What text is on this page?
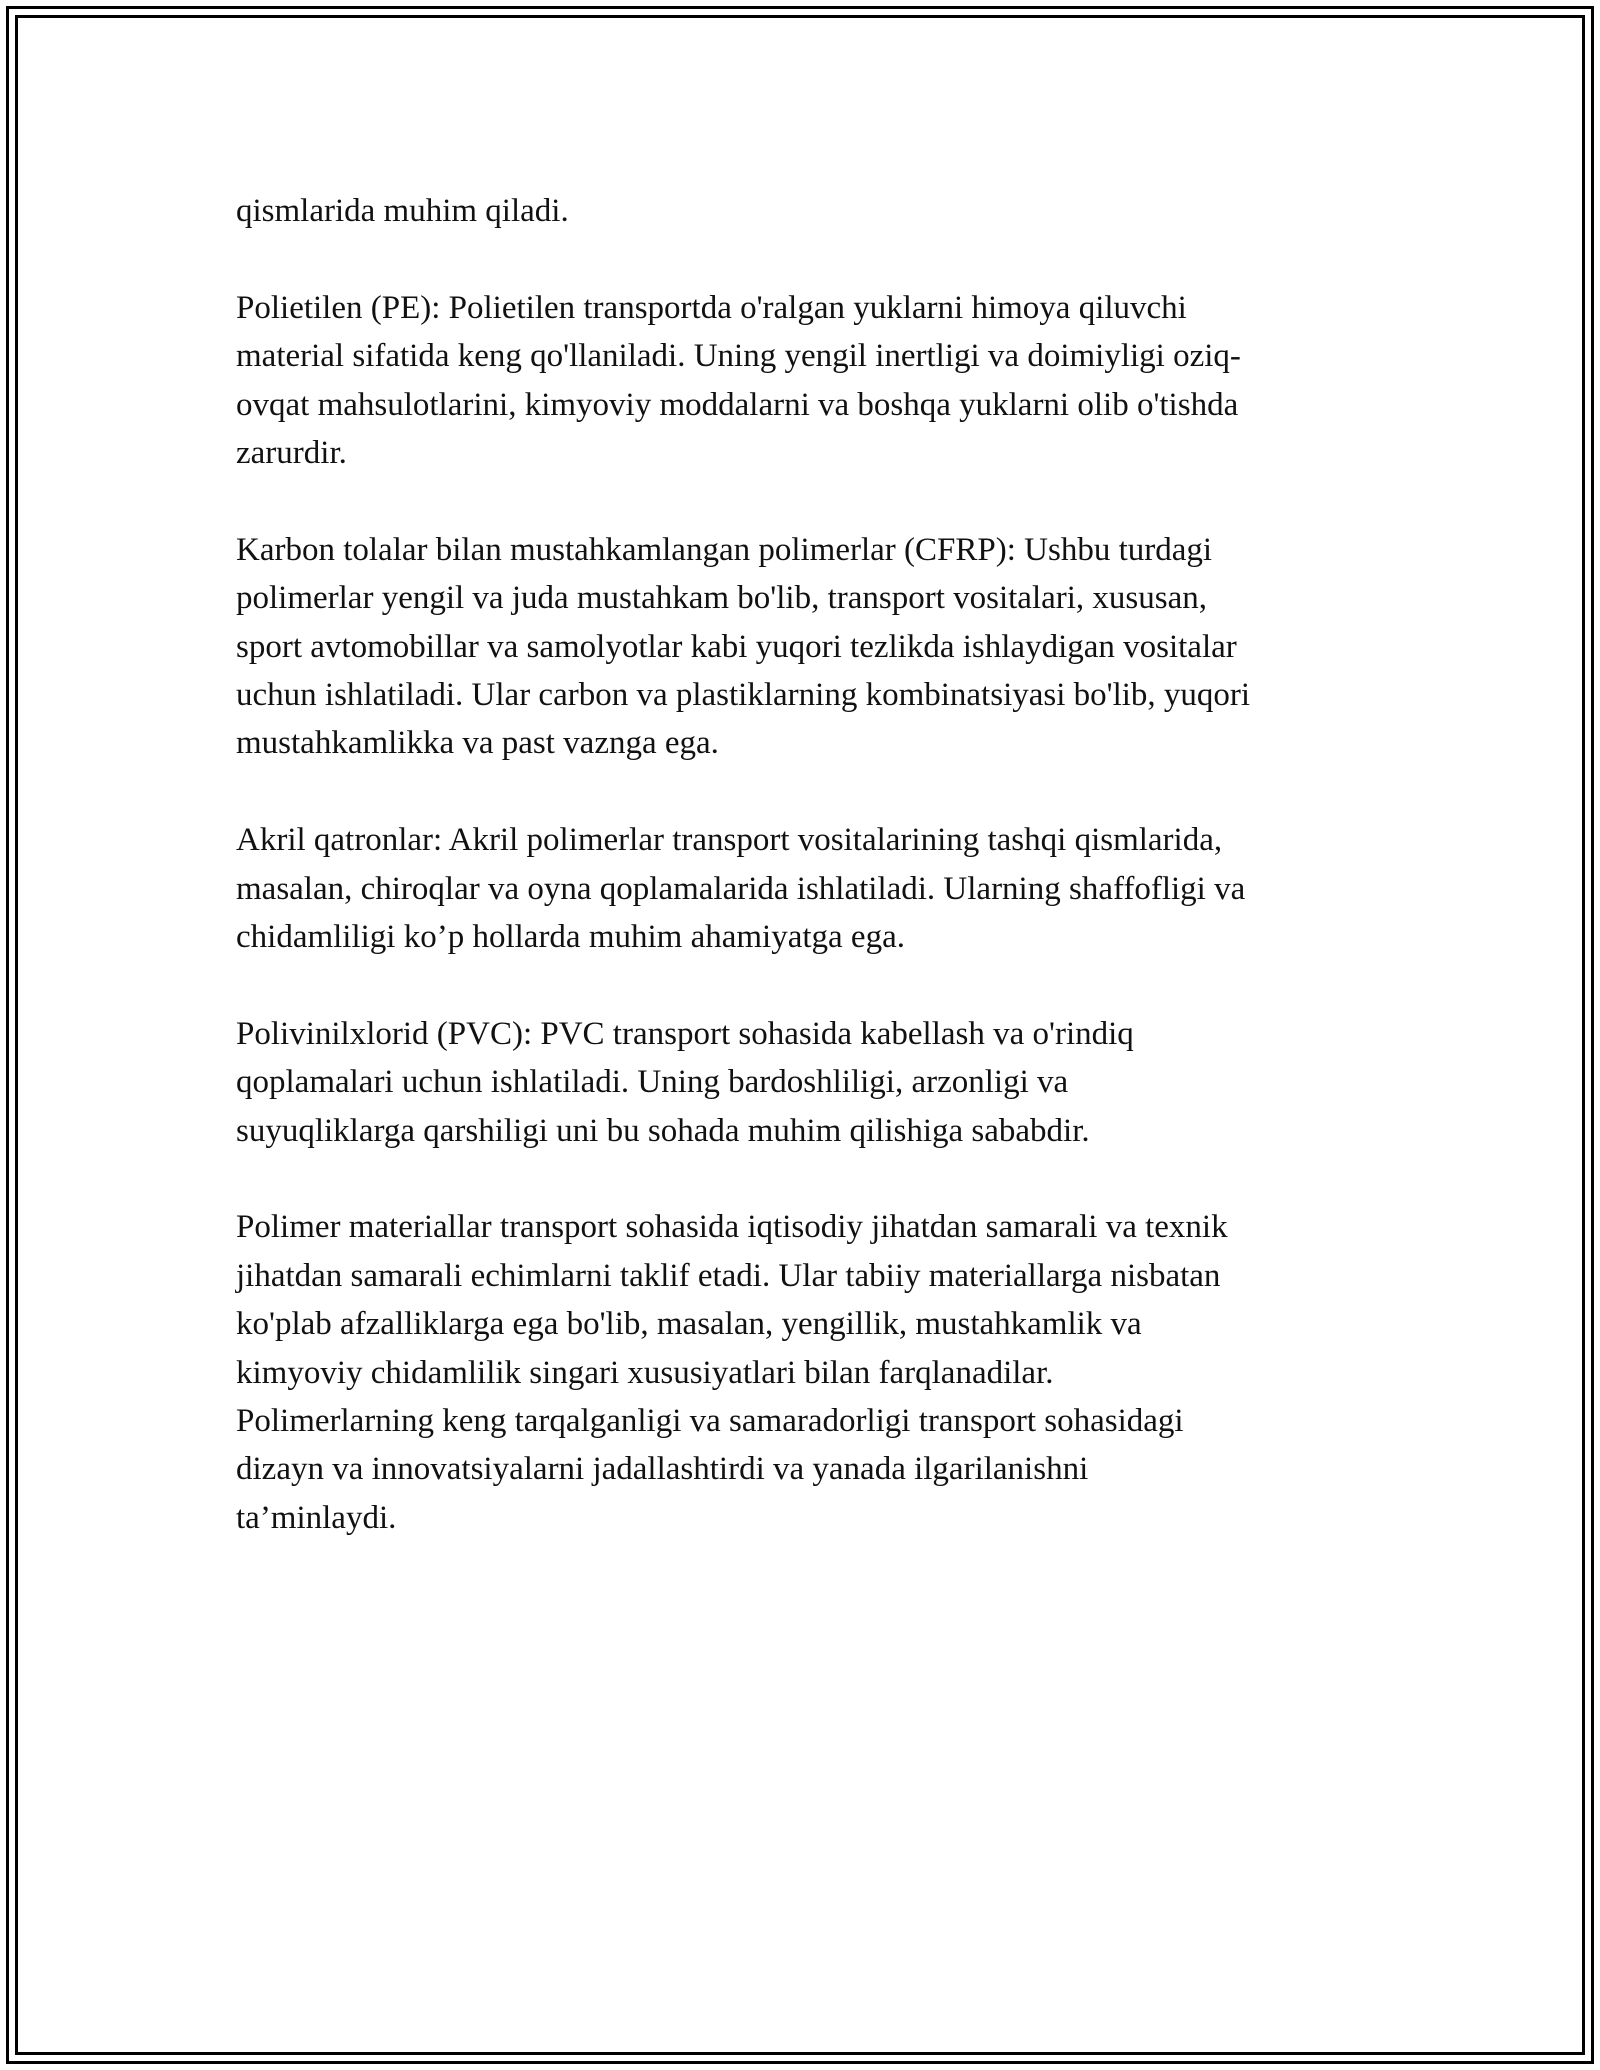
qismlarida muhim qiladi.

Polietilen (PE): Polietilen transportda o'ralgan yuklarni himoya qiluvchi
material sifatida keng qo'llaniladi. Uning yengil inertligi va doimiyligi oziq-
ovqat mahsulotlarini, kimyoviy moddalarni va boshqa yuklarni olib o'tishda
zarurdir.

Karbon tolalar bilan mustahkamlangan polimerlar (CFRP): Ushbu turdagi
polimerlar yengil va juda mustahkam bo'lib, transport vositalari, xususan,
sport avtomobillar va samolyotlar kabi yuqori tezlikda ishlaydigan vositalar
uchun ishlatiladi. Ular carbon va plastiklarning kombinatsiyasi bo'lib, yuqori
mustahkamlikka va past vaznga ega.

Akril qatronlar: Akril polimerlar transport vositalarining tashqi qismlarida,
masalan, chiroqlar va oyna qoplamalarida ishlatiladi. Ularning shaffofligi va
chidamliligi ko’p hollarda muhim ahamiyatga ega.

Polivinilxlorid (PVC): PVC transport sohasida kabellash va o'rindiq
qoplamalari uchun ishlatiladi. Uning bardoshliligi, arzonligi va
suyuqliklarga qarshiligi uni bu sohada muhim qilishiga sababdir.

Polimer materiallar transport sohasida iqtisodiy jihatdan samarali va texnik
jihatdan samarali echimlarni taklif etadi. Ular tabiiy materiallarga nisbatan
ko'plab afzalliklarga ega bo'lib, masalan, yengillik, mustahkamlik va
kimyoviy chidamlilik singari xususiyatlari bilan farqlanadilar.
Polimerlarning keng tarqalganligi va samaradorligi transport sohasidagi
dizayn va innovatsiyalarni jadallashtirdi va yanada ilgarilanishni
ta’minlaydi.
